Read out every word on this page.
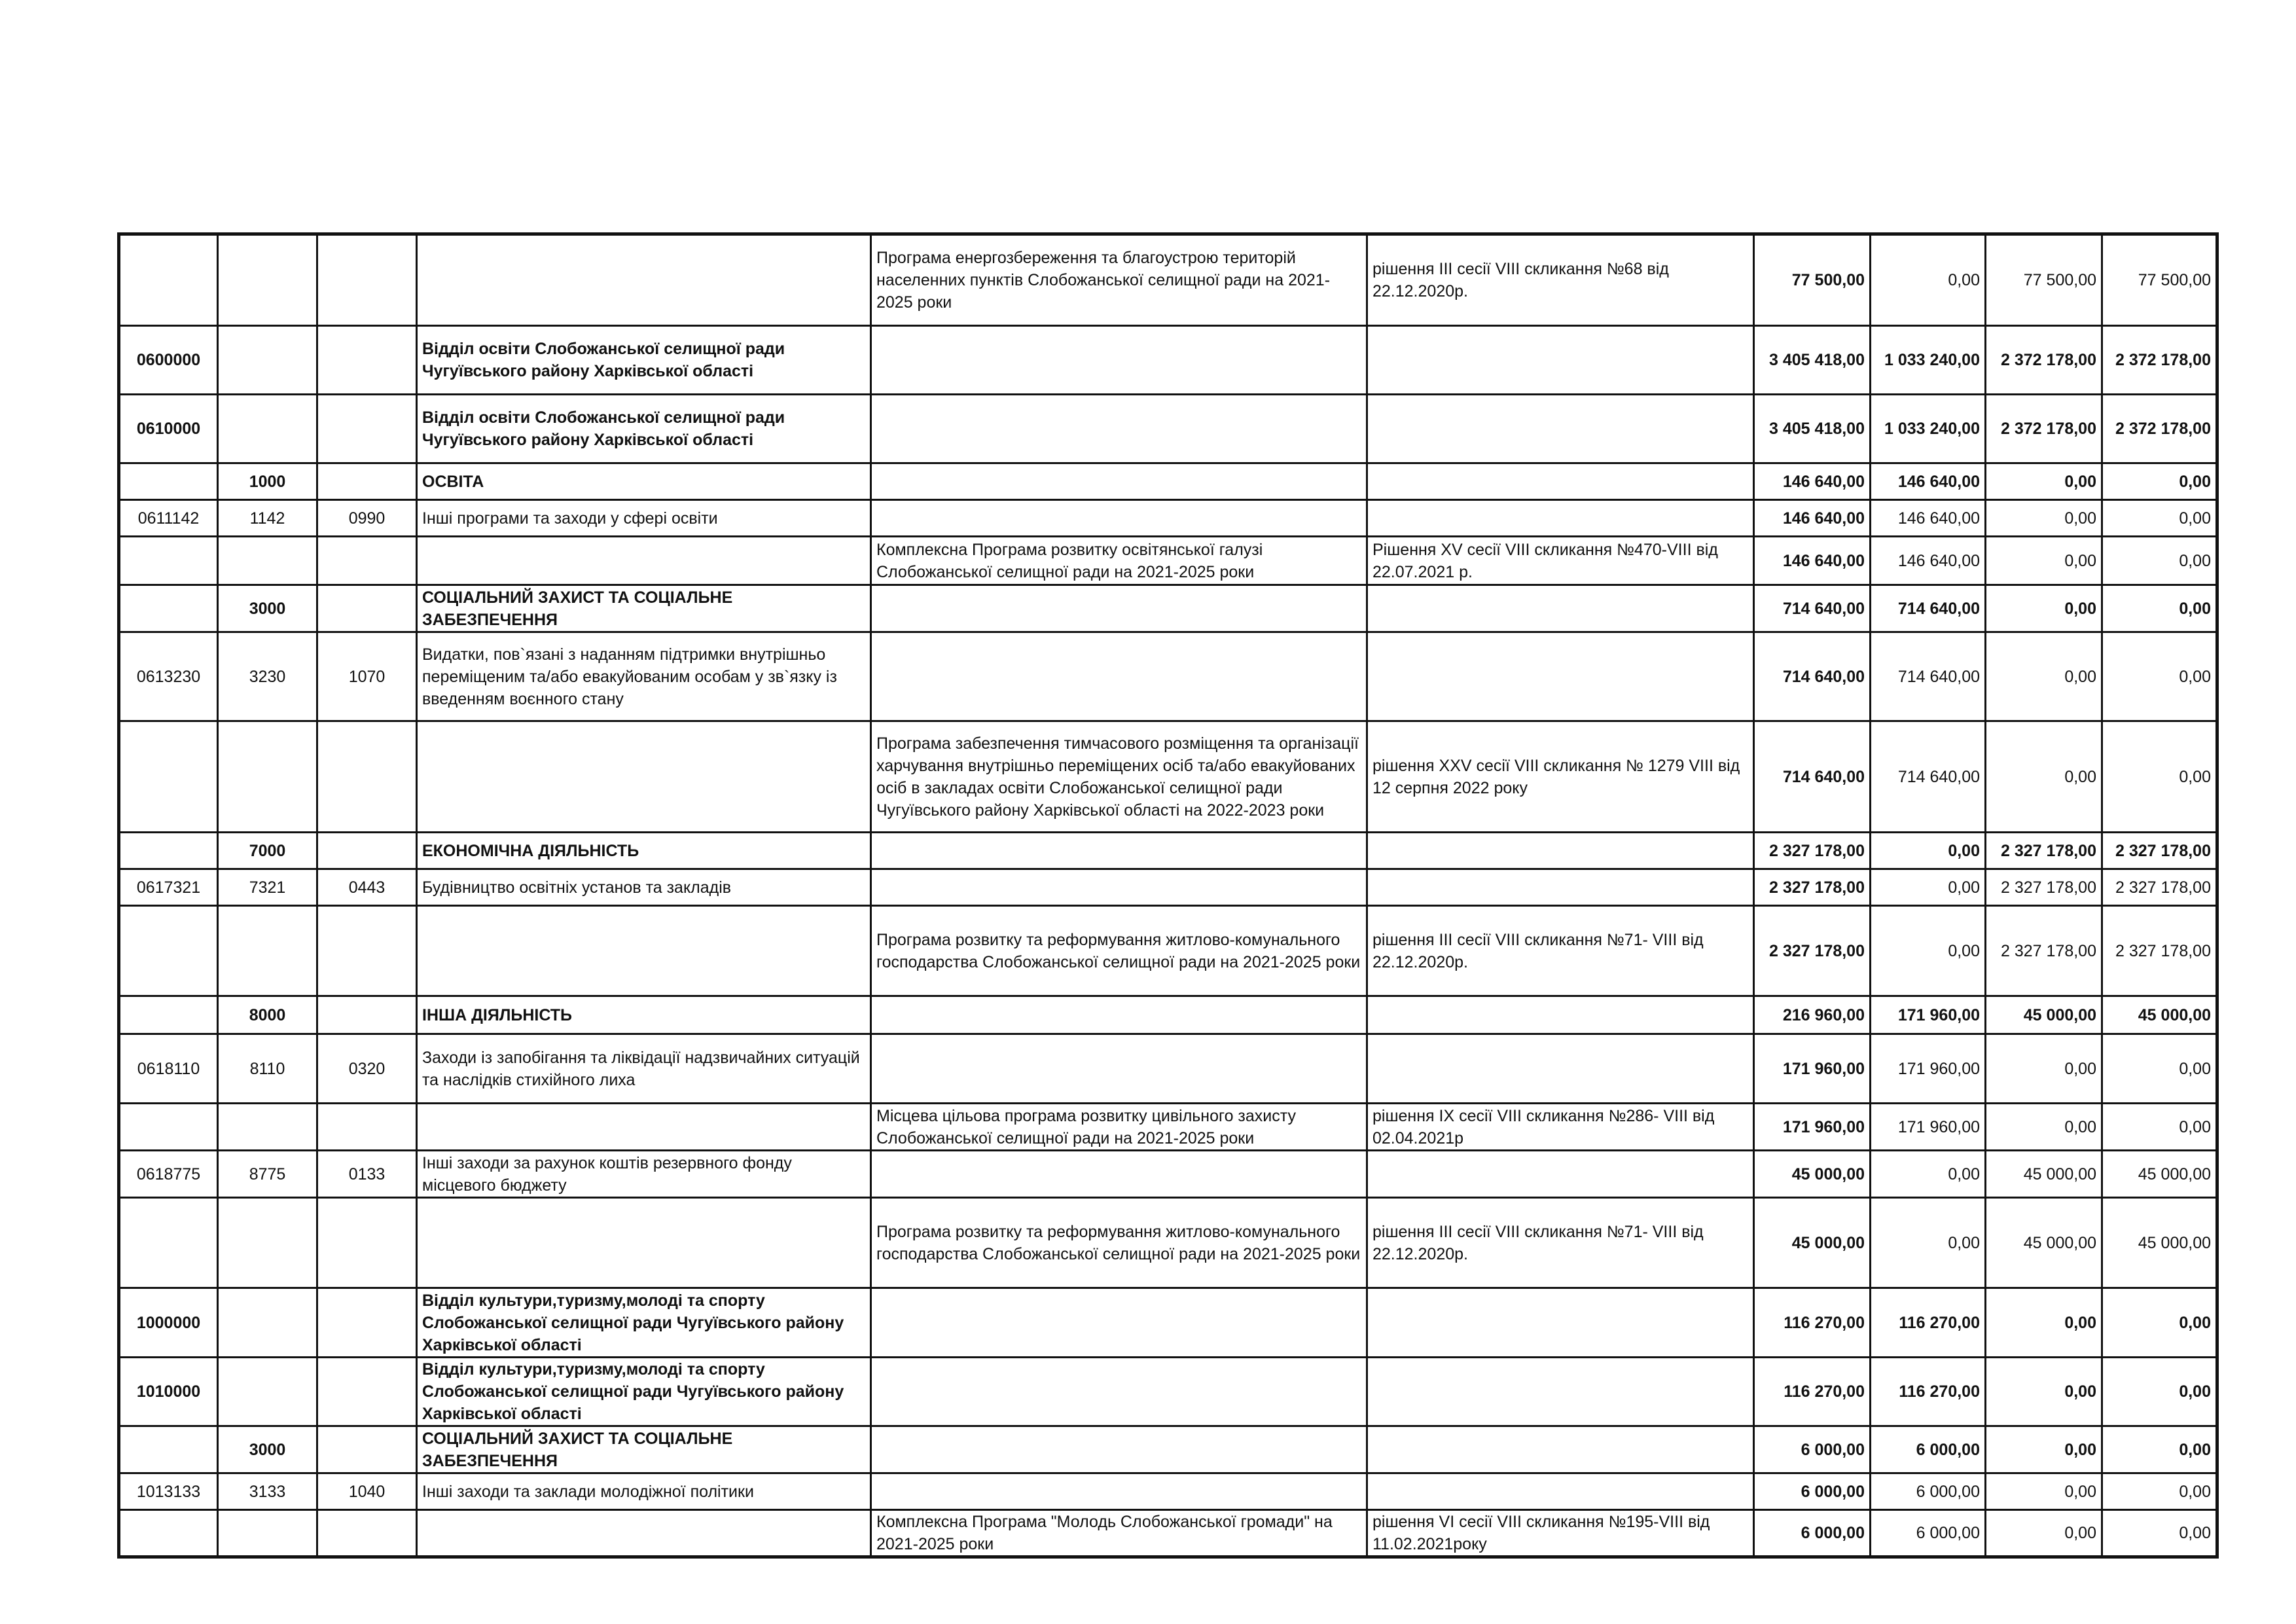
				Програма енергозбереження та благоустрою територій населенних пунктів Слобожанської селищної ради на 2021-2025 роки	рішення ІІІ сесії VІІІ скликання №68 від 22.12.2020р.	77 500,00	0,00	77 500,00	77 500,00
0600000			Відділ освіти Слобожанської селищної ради Чугуївського району Харківської області			3 405 418,00	1 033 240,00	2 372 178,00	2 372 178,00
0610000			Відділ освіти Слобожанської селищної ради Чугуївського району Харківської області			3 405 418,00	1 033 240,00	2 372 178,00	2 372 178,00
	1000		ОСВІТА			146 640,00	146 640,00	0,00	0,00
0611142	1142	0990	Інші програми та заходи у сфері освіти			146 640,00	146 640,00	0,00	0,00
				Комплексна Програма розвитку освітянської галузі Слобожанської селищної ради на 2021-2025 роки	Рішення XV сесії VІІІ скликання №470-VІІІ від 22.07.2021 р.	146 640,00	146 640,00	0,00	0,00
	3000		СОЦІАЛЬНИЙ ЗАХИСТ ТА СОЦІАЛЬНЕ ЗАБЕЗПЕЧЕННЯ			714 640,00	714 640,00	0,00	0,00
0613230	3230	1070	Видатки, пов`язані з наданням підтримки внутрішньо переміщеним та/або евакуйованим особам у зв`язку із введенням воєнного стану			714 640,00	714 640,00	0,00	0,00
				Програма забезпечення тимчасового розміщення та організації харчування внутрішньо переміщених осіб та/або евакуйованих осіб в закладах освіти Слобожанської селищної ради Чугуївського району Харківської області на 2022-2023 роки	рішення XXV сесії VIII скликання № 1279 VIII від 12 серпня 2022 року	714 640,00	714 640,00	0,00	0,00
	7000		ЕКОНОМІЧНА ДІЯЛЬНІСТЬ			2 327 178,00	0,00	2 327 178,00	2 327 178,00
0617321	7321	0443	Будівництво освітніх установ та закладів			2 327 178,00	0,00	2 327 178,00	2 327 178,00
				Програма розвитку та реформування житлово-комунального господарства Слобожанської селищної ради на 2021-2025 роки	рішення ІІІ сесії VІІІ скликання №71- VІІІ від 22.12.2020р.	2 327 178,00	0,00	2 327 178,00	2 327 178,00
	8000		ІНША ДІЯЛЬНІСТЬ			216 960,00	171 960,00	45 000,00	45 000,00
0618110	8110	0320	Заходи із запобігання та ліквідації надзвичайних ситуацій та наслідків стихійного лиха			171 960,00	171 960,00	0,00	0,00
				Місцева цільова програма розвитку цивільного захисту Слобожанської селищної ради на 2021-2025 роки	рішення ІХ сесії VІІІ скликання №286- VІІІ від 02.04.2021р	171 960,00	171 960,00	0,00	0,00
0618775	8775	0133	Інші заходи за рахунок коштів резервного фонду місцевого бюджету			45 000,00	0,00	45 000,00	45 000,00
				Програма розвитку та реформування житлово-комунального господарства Слобожанської селищної ради на 2021-2025 роки	рішення ІІІ сесії VІІІ скликання №71- VІІІ від 22.12.2020р.	45 000,00	0,00	45 000,00	45 000,00
1000000			Відділ культури,туризму,молоді та спорту Слобожанської селищної ради Чугуївського району Харківської області			116 270,00	116 270,00	0,00	0,00
1010000			Відділ культури,туризму,молоді та спорту Слобожанської селищної ради Чугуївського району Харківської області			116 270,00	116 270,00	0,00	0,00
	3000		СОЦІАЛЬНИЙ ЗАХИСТ ТА СОЦІАЛЬНЕ ЗАБЕЗПЕЧЕННЯ			6 000,00	6 000,00	0,00	0,00
1013133	3133	1040	Інші заходи та заклади молодіжної політики			6 000,00	6 000,00	0,00	0,00
				Комплексна Програма "Молодь Слобожанської громади" на 2021-2025 роки	рішення VІ сесії VІІІ скликання №195-VІІІ від 11.02.2021року	6 000,00	6 000,00	0,00	0,00
